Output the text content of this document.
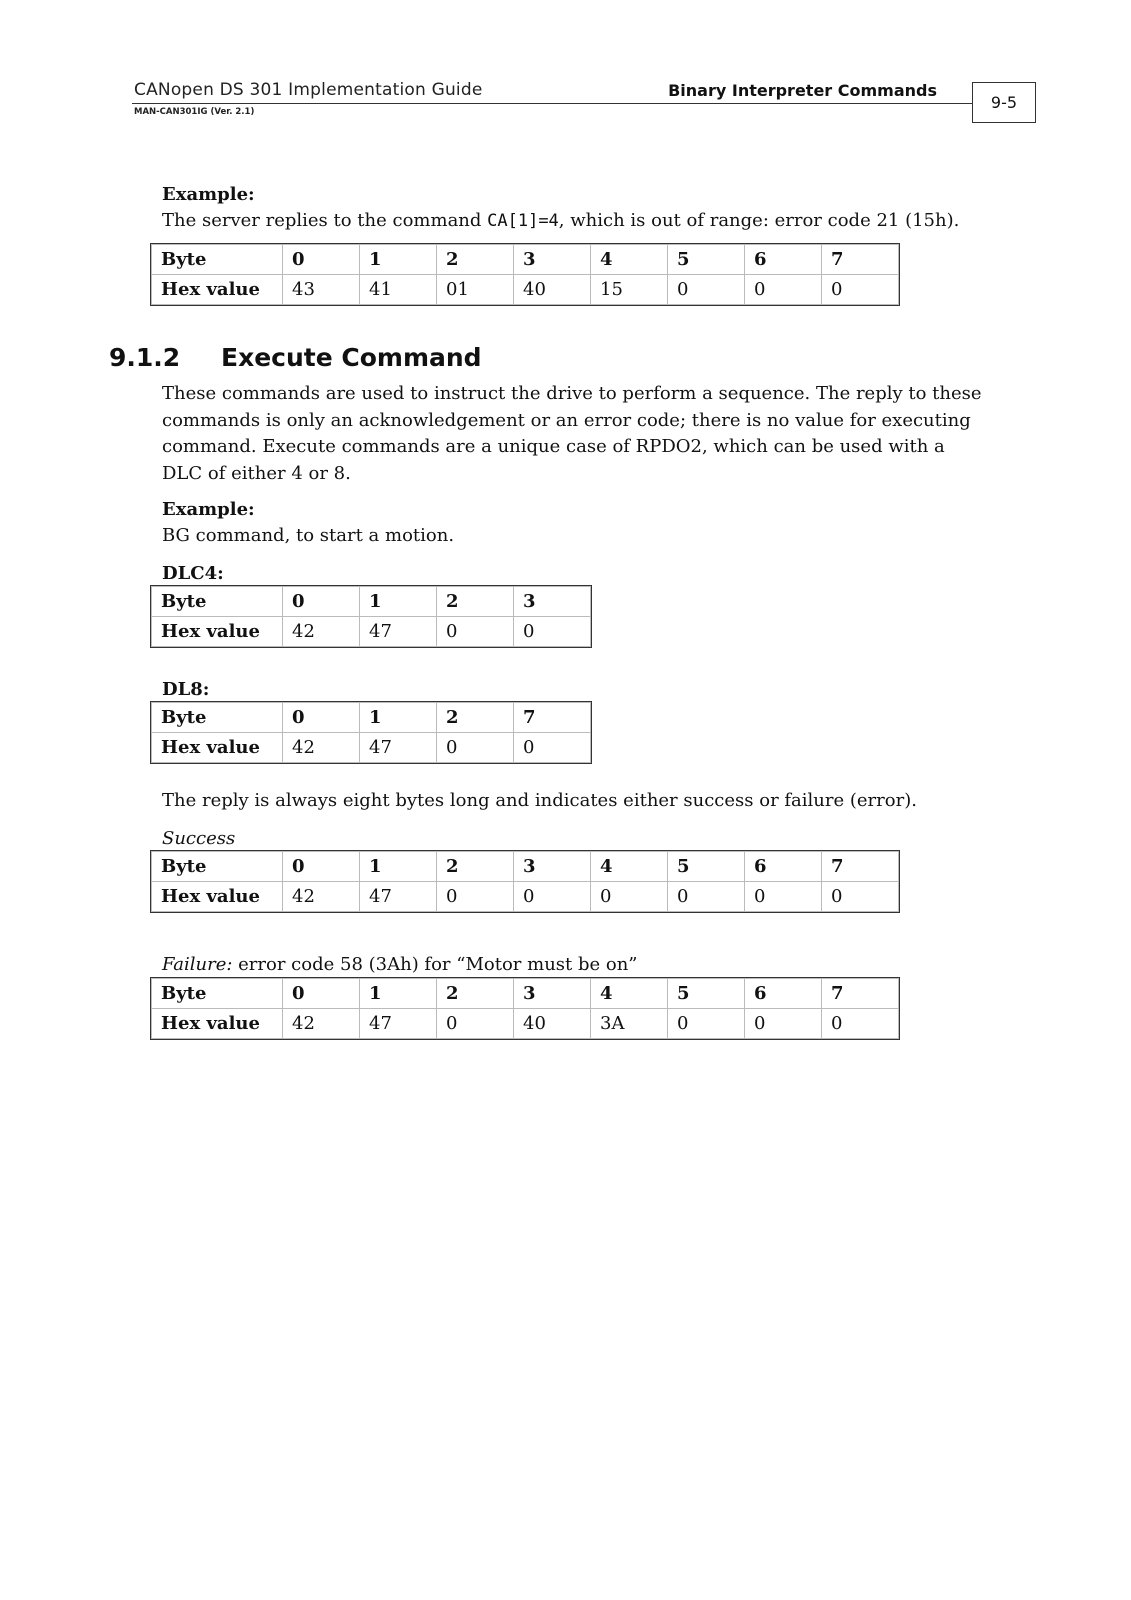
CANopen DS 301 Implementation Guide	Binary Interpreter Commands
MAN-CAN301IG (Ver. 2.1)	9-5
Example:
The server replies to the command CA[1]=4, which is out of range: error code 21 (15h).
Byte	0	1	2	3	4	5	6	7
Hex value	43	41	01	40	15	0	0	0
9.1.2 Execute Command
These commands are used to instruct the drive to perform a sequence. The reply to these
commands is only an acknowledgement or an error code; there is no value for executing
command. Execute commands are a unique case of RPDO2, which can be used with a
DLC of either 4 or 8.
Example:
BG command, to start a motion.
DLC4:
Byte	0	1	2	3
Hex value	42	47	0	0
DL8:
Byte	0	1	2	7
Hex value	42	47	0	0
The reply is always eight bytes long and indicates either success or failure (error).
Success
Byte	0	1	2	3	4	5	6	7
Hex value	42	47	0	0	0	0	0	0
Failure: error code 58 (3Ah) for “Motor must be on”
Byte	0	1	2	3	4	5	6	7
Hex value	42	47	0	40	3A	0	0	0
